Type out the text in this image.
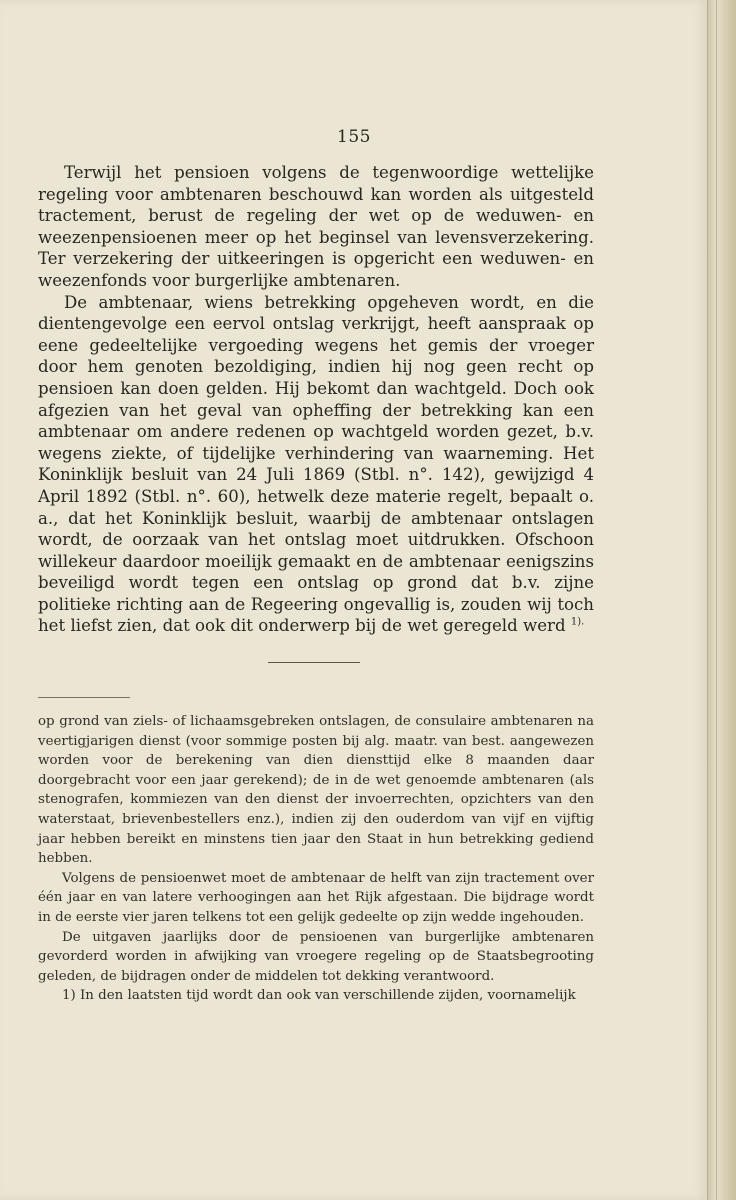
155

Terwijl het pensioen volgens de tegenwoordige wettelijke regeling voor ambtenaren beschouwd kan worden als uitgesteld tractement, berust de regeling der wet op de weduwen- en weezenpensioenen meer op het beginsel van levensverzekering. Ter verzekering der uitkeeringen is opgericht een weduwen- en weezenfonds voor burgerlijke ambtenaren.

De ambtenaar, wiens betrekking opgeheven wordt, en die dientengevolge een eervol ontslag verkrijgt, heeft aanspraak op eene gedeeltelijke vergoeding wegens het gemis der vroeger door hem genoten bezoldiging, indien hij nog geen recht op pensioen kan doen gelden. Hij bekomt dan wachtgeld. Doch ook afgezien van het geval van opheffing der betrekking kan een ambtenaar om andere redenen op wachtgeld worden gezet, b.v. wegens ziekte, of tijdelijke verhindering van waarneming. Het Koninklijk besluit van 24 Juli 1869 (Stbl. n°. 142), gewijzigd 4 April 1892 (Stbl. n°. 60), hetwelk deze materie regelt, bepaalt o. a., dat het Koninklijk besluit, waarbij de ambtenaar ontslagen wordt, de oorzaak van het ontslag moet uitdrukken. Ofschoon willekeur daardoor moeilijk gemaakt en de ambtenaar eenigszins beveiligd wordt tegen een ontslag op grond dat b.v. zijne politieke richting aan de Regeering ongevallig is, zouden wij toch het liefst zien, dat ook dit onderwerp bij de wet geregeld werd $^{1).}$

op grond van ziels- of lichaamsgebreken ontslagen, de consulaire ambtenaren na veertigjarigen dienst (voor sommige posten bij alg. maatr. van best. aangewezen worden voor de berekening van dien diensttijd elke 8 maanden daar doorgebracht voor een jaar gerekend); de in de wet genoemde ambtenaren (als stenografen, kommiezen van den dienst der invoerrechten, opzichters van den waterstaat, brievenbestellers enz.), indien zij den ouderdom van vijf en vijftig jaar hebben bereikt en minstens tien jaar den Staat in hun betrekking gediend hebben.

Volgens de pensioenwet moet de ambtenaar de helft van zijn tractement over één jaar en van latere verhoogingen aan het Rijk afgestaan. Die bijdrage wordt in de eerste vier jaren telkens tot een gelijk gedeelte op zijn wedde ingehouden.

De uitgaven jaarlijks door de pensioenen van burgerlijke ambtenaren gevorderd worden in afwijking van vroegere regeling op de Staatsbegrooting geleden, de bijdragen onder de middelen tot dekking verantwoord.

1) In den laatsten tijd wordt dan ook van verschillende zijden, voornamelijk
